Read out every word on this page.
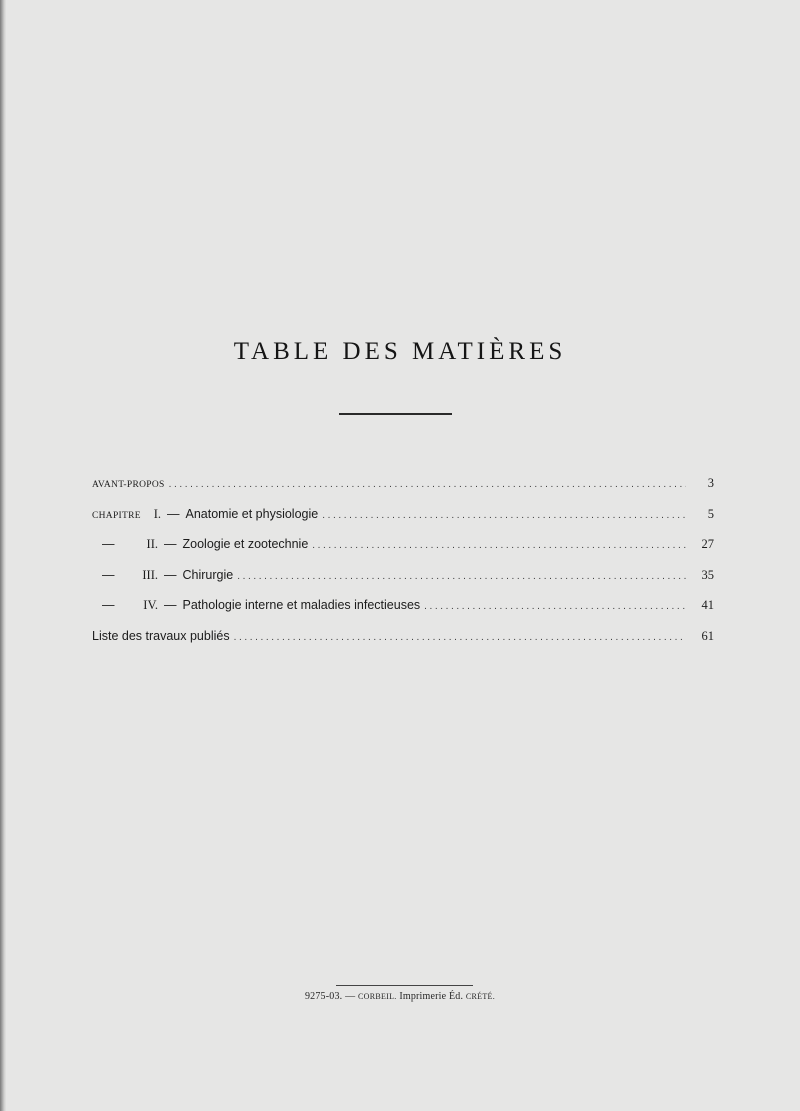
TABLE DES MATIÈRES
AVANT-PROPOS .....	3
CHAPITRE	I. — Anatomie et physiologie .....	5
—	II. — Zoologie et zootechnie .....	27
—	III. — Chirurgie .....	35
—	IV. — Pathologie interne et maladies infectieuses .....	41
Liste des travaux publiés .....	61
9275-03. — CORBEIL. Imprimerie Éd. CRÉTÉ.
